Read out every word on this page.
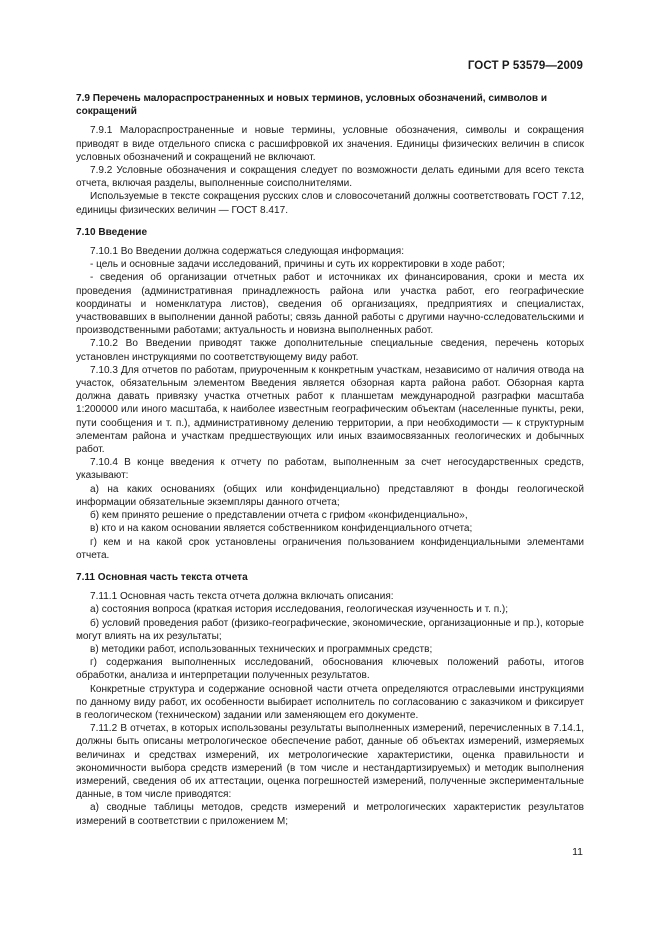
ГОСТ Р 53579—2009
7.9 Перечень малораспространенных и новых терминов, условных обозначений, символов и сокращений

7.9.1 Малораспространенные и новые термины, условные обозначения, символы и сокращения приводят в виде отдельного списка с расшифровкой их значения. Единицы физических величин в список условных обозначений и сокращений не включают.

7.9.2 Условные обозначения и сокращения следует по возможности делать едиными для всего текста отчета, включая разделы, выполненные соисполнителями.

Используемые в тексте сокращения русских слов и словосочетаний должны соответствовать ГОСТ 7.12, единицы физических величин — ГОСТ 8.417.

7.10 Введение

7.10.1 Во Введении должна содержаться следующая информация:

- цель и основные задачи исследований, причины и суть их корректировки в ходе работ;

- сведения об организации отчетных работ и источниках их финансирования, сроки и места их проведения (административная принадлежность района или участка работ, его географические координаты и номенклатура листов), сведения об организациях, предприятиях и специалистах, участвовавших в выполнении данной работы; связь данной работы с другими научно-сследовательскими и производственными работами; актуальность и новизна выполненных работ.

7.10.2 Во Введении приводят также дополнительные специальные сведения, перечень которых установлен инструкциями по соответствующему виду работ.

7.10.3 Для отчетов по работам, приуроченным к конкретным участкам, независимо от наличия отвода на участок, обязательным элементом Введения является обзорная карта района работ. Обзорная карта должна давать привязку участка отчетных работ к планшетам международной разграфки масштаба 1:200000 или иного масштаба, к наиболее известным географическим объектам (населенные пункты, реки, пути сообщения и т. п.), административному делению территории, а при необходимости — к структурным элементам района и участкам предшествующих или иных взаимосвязанных геологических и добычных работ.

7.10.4 В конце введения к отчету по работам, выполненным за счет негосударственных средств, указывают:

а) на каких основаниях (общих или конфиденциально) представляют в фонды геологической информации обязательные экземпляры данного отчета;

б) кем принято решение о представлении отчета с грифом «конфиденциально»,

в) кто и на каком основании является собственником конфиденциального отчета;

г) кем и на какой срок установлены ограничения пользованием конфиденциальными элементами отчета.

7.11 Основная часть текста отчета

7.11.1 Основная часть текста отчета должна включать описания:

а) состояния вопроса (краткая история исследования, геологическая изученность и т. п.);

б) условий проведения работ (физико-географические, экономические, организационные и пр.), которые могут влиять на их результаты;

в) методики работ, использованных технических и программных средств;

г) содержания выполненных исследований, обоснования ключевых положений работы, итогов обработки, анализа и интерпретации полученных результатов.

Конкретные структура и содержание основной части отчета определяются отраслевыми инструкциями по данному виду работ, их особенности выбирает исполнитель по согласованию с заказчиком и фиксирует в геологическом (техническом) задании или заменяющем его документе.

7.11.2 В отчетах, в которых использованы результаты выполненных измерений, перечисленных в 7.14.1, должны быть описаны метрологическое обеспечение работ, данные об объектах измерений, измеряемых величинах и средствах измерений, их метрологические характеристики, оценка правильности и экономичности выбора средств измерений (в том числе и нестандартизируемых) и методик выполнения измерений, сведения об их аттестации, оценка погрешностей измерений, полученные экспериментальные данные, в том числе приводятся:

а) сводные таблицы методов, средств измерений и метрологических характеристик результатов измерений в соответствии с приложением М;

11
